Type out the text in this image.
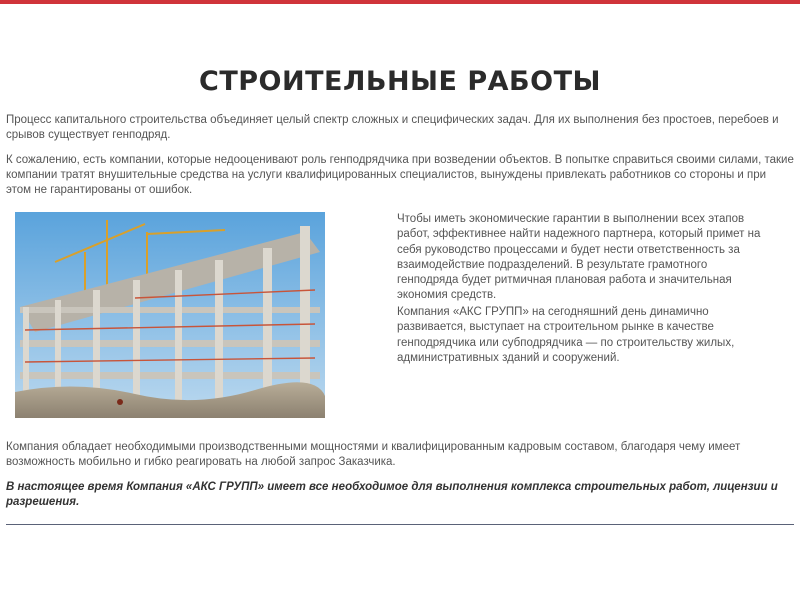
СТРОИТЕЛЬНЫЕ РАБОТЫ

Процесс капитального строительства объединяет целый спектр сложных и специфических задач. Для их выполнения без простоев, перебоев и срывов существует генподряд.

К сожалению, есть компании, которые недооценивают роль генподрядчика при возведении объектов. В попытке справиться своими силами, такие компании тратят внушительные средства на услуги квалифицированных специалистов, вынуждены привлекать работников со стороны и при этом не гарантированы от ошибок.

Чтобы иметь экономические гарантии в выполнении всех этапов работ, эффективнее найти надежного партнера, который примет на себя руководство процессами и будет нести ответственность за взаимодействие подразделений. В результате грамотного генподряда будет ритмичная плановая работа и значительная экономия средств.

Компания «АКС ГРУПП» на сегодняшний день динамично развивается, выступает на строительном рынке в качестве генподрядчика или субподрядчика — по строительству жилых, административных зданий и сооружений.

Компания обладает необходимыми производственными мощностями и квалифицированным кадровым составом, благодаря чему имеет возможность мобильно и гибко реагировать на любой запрос Заказчика.

В настоящее время Компания «АКС ГРУПП» имеет все необходимое для выполнения комплекса строительных работ, лицензии и разрешения.
